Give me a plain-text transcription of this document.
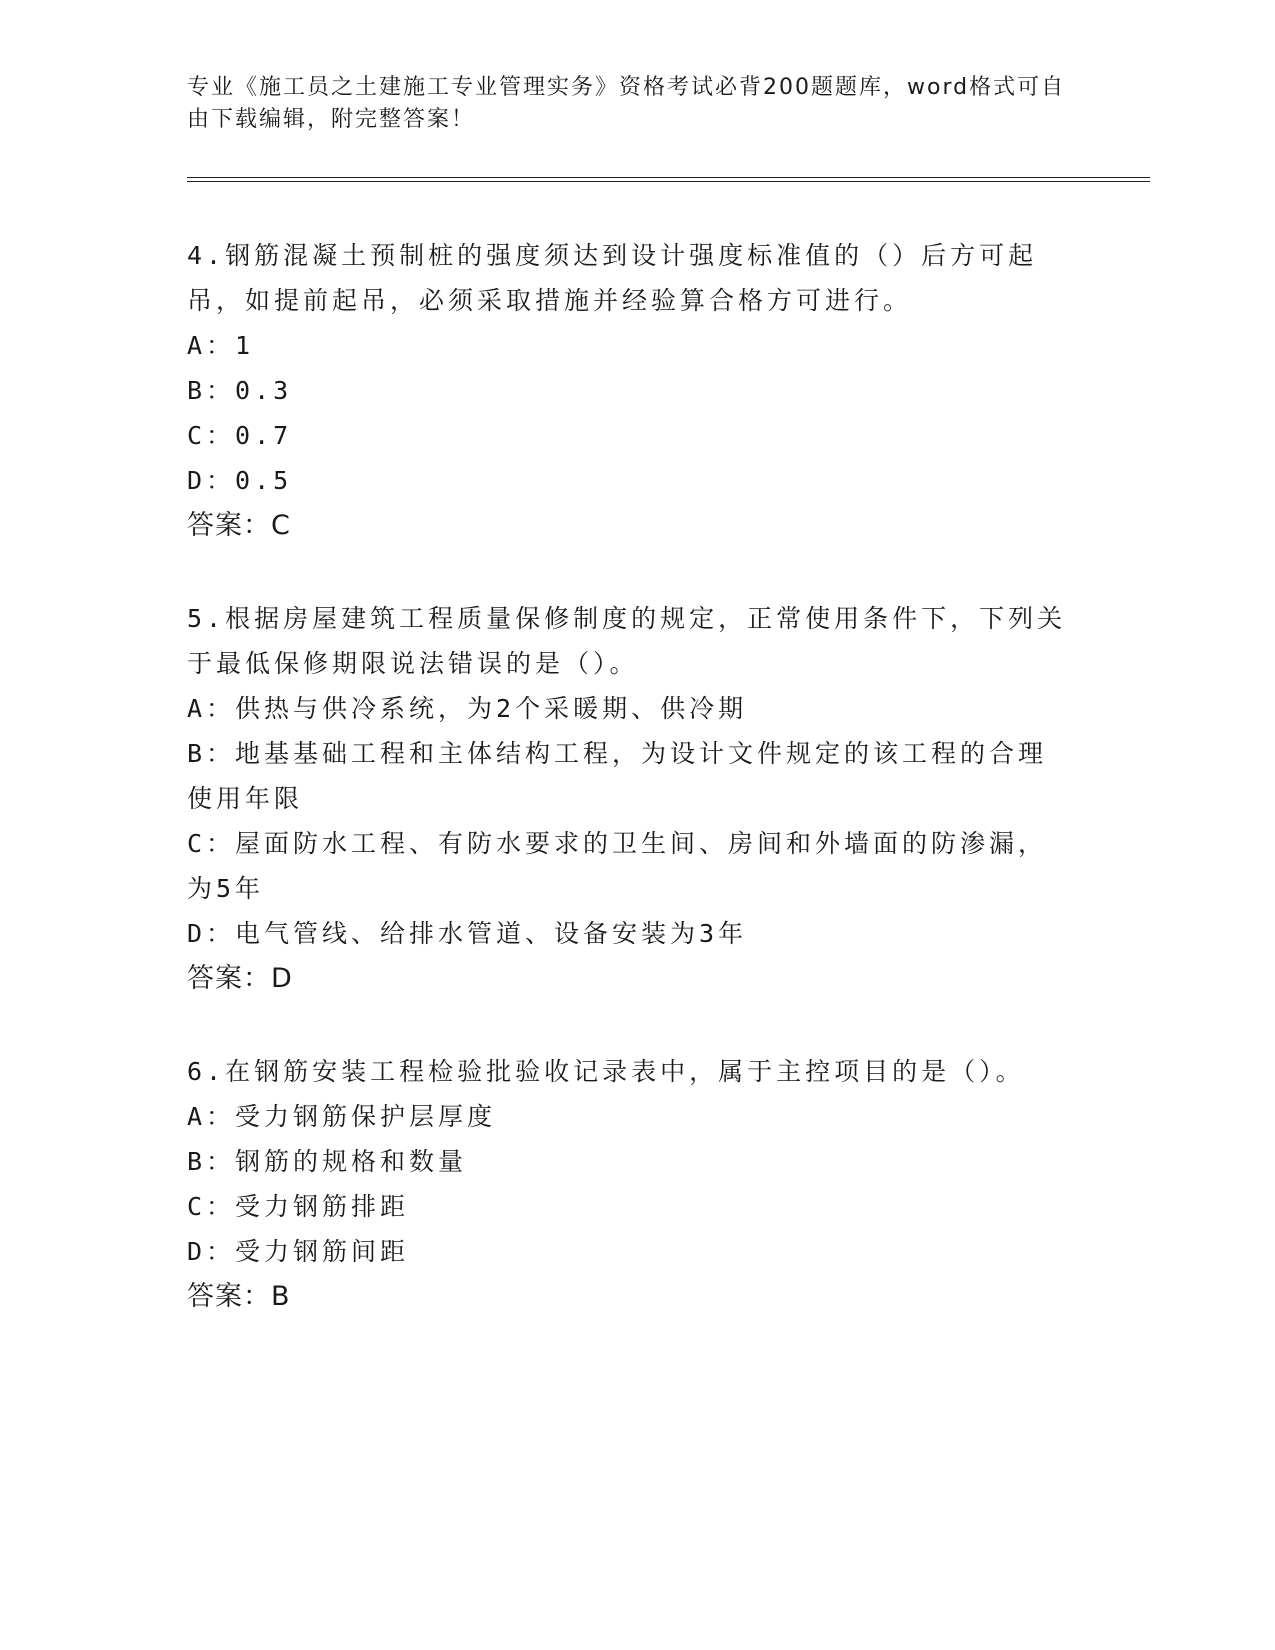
专业《施工员之土建施工专业管理实务》资格考试必背200题题库，word格式可自由下载编辑，附完整答案！

4.钢筋混凝土预制桩的强度须达到设计强度标准值的（）后方可起吊，如提前起吊，必须采取措施并经验算合格方可进行。

A：1
B：0.3
C：0.7
D：0.5

答案：C

5.根据房屋建筑工程质量保修制度的规定，正常使用条件下，下列关于最低保修期限说法错误的是（）。

A：供热与供冷系统，为2个采暖期、供冷期
B：地基基础工程和主体结构工程，为设计文件规定的该工程的合理使用年限
C：屋面防水工程、有防水要求的卫生间、房间和外墙面的防渗漏，为5年
D：电气管线、给排水管道、设备安装为3年

答案：D

6.在钢筋安装工程检验批验收记录表中，属于主控项目的是（）。

A：受力钢筋保护层厚度
B：钢筋的规格和数量
C：受力钢筋排距
D：受力钢筋间距

答案：B
